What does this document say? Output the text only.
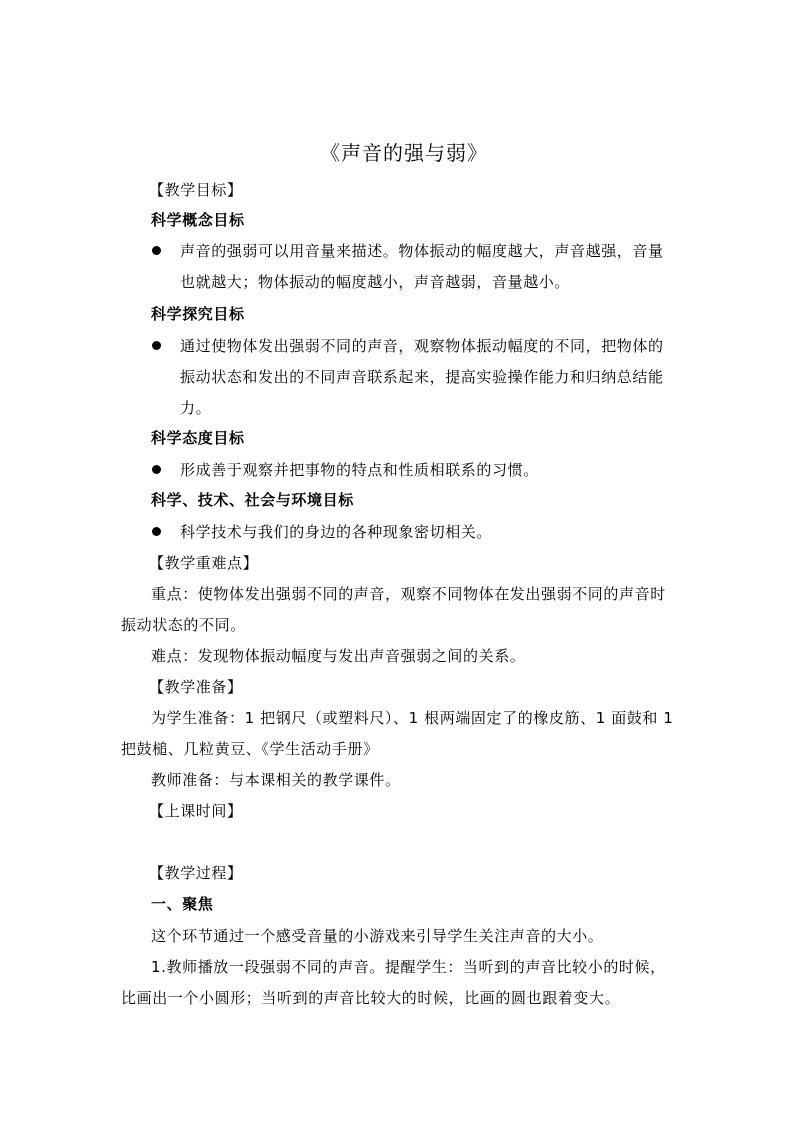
《声音的强与弱》
【教学目标】
科学概念目标
声音的强弱可以用音量来描述。物体振动的幅度越大，声音越强，音量
也就越大；物体振动的幅度越小，声音越弱，音量越小。
科学探究目标
通过使物体发出强弱不同的声音，观察物体振动幅度的不同，把物体的
振动状态和发出的不同声音联系起来，提高实验操作能力和归纳总结能
力。
科学态度目标
形成善于观察并把事物的特点和性质相联系的习惯。
科学、技术、社会与环境目标
科学技术与我们的身边的各种现象密切相关。
【教学重难点】
重点：使物体发出强弱不同的声音，观察不同物体在发出强弱不同的声音时
振动状态的不同。
难点：发现物体振动幅度与发出声音强弱之间的关系。
【教学准备】
为学生准备：1 把钢尺（或塑料尺）、1 根两端固定了的橡皮筋、1 面鼓和 1
把鼓槌、几粒黄豆、《学生活动手册》
教师准备：与本课相关的教学课件。
【上课时间】
【教学过程】
一、聚焦
这个环节通过一个感受音量的小游戏来引导学生关注声音的大小。
1.教师播放一段强弱不同的声音。提醒学生：当听到的声音比较小的时候，
比画出一个小圆形；当听到的声音比较大的时候，比画的圆也跟着变大。
